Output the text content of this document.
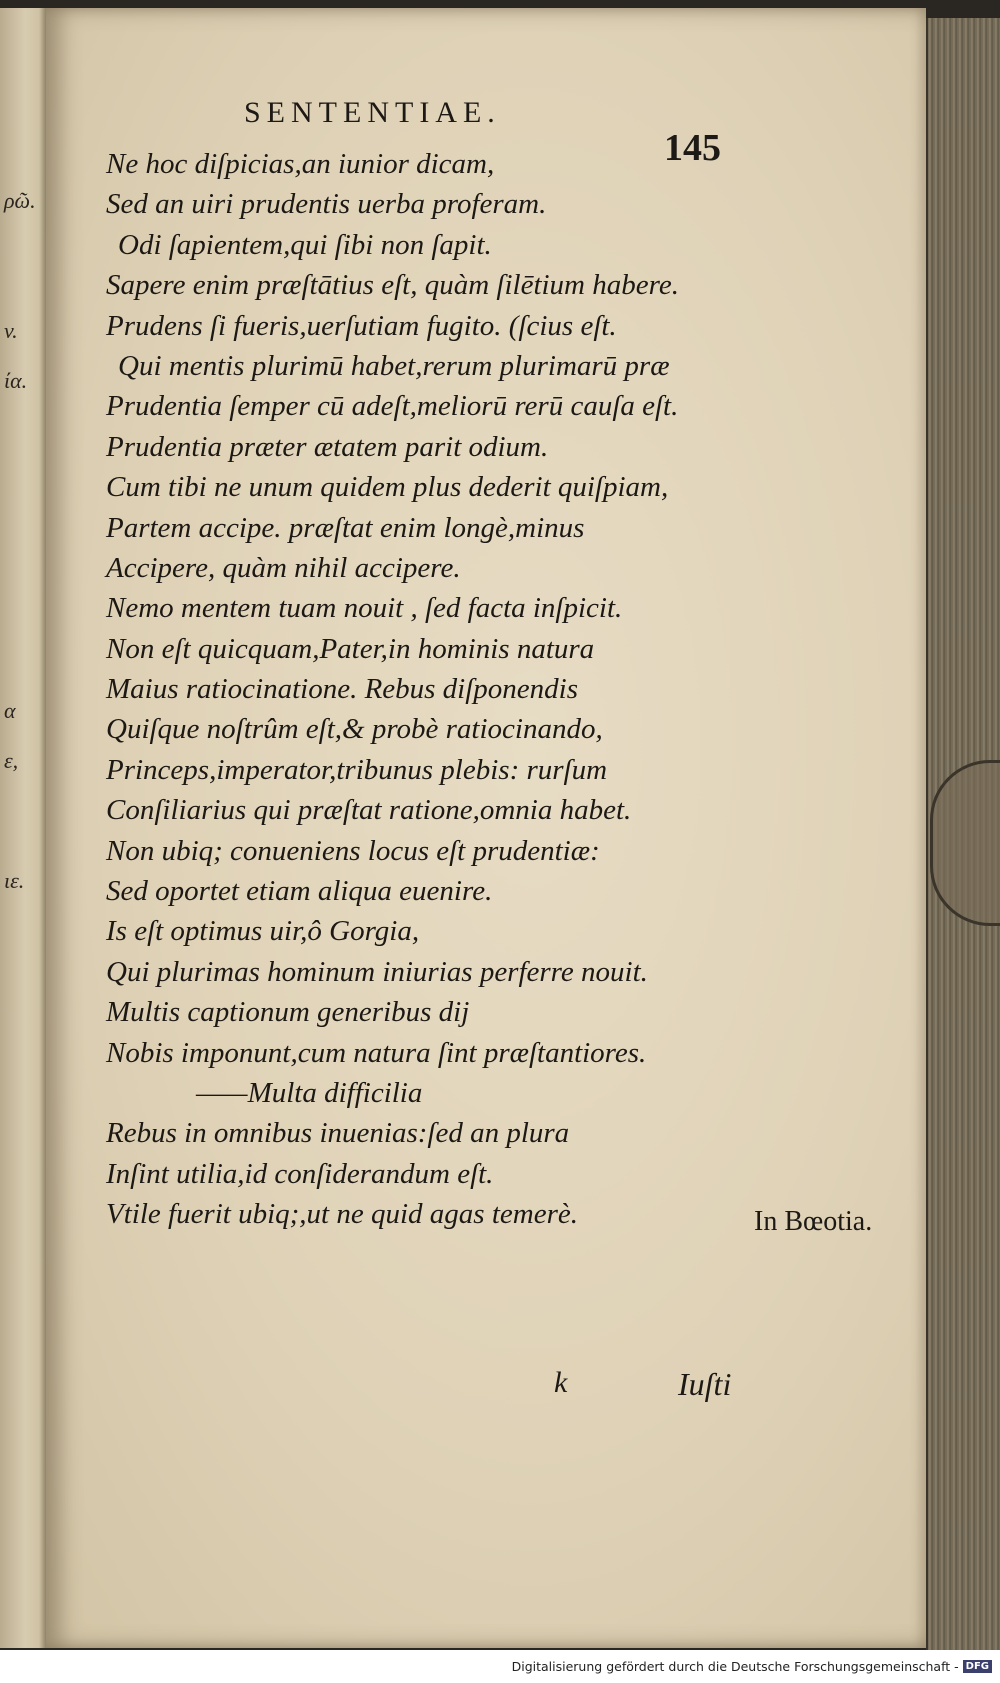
ρῶ.
v.
ία.
α
ε,
ιε.
SENTENTIAE.
145
Ne hoc diſpicias,an iunior dicam,
Sed an uiri prudentis uerba proferam.
Odi ſapientem,qui ſibi non ſapit.
Sapere enim præſtātius eſt, quàm ſilētium habere.
Prudens ſi fueris,uerſutiam fugito. (ſcius eſt.
Qui mentis plurimū habet,rerum plurimarū præ
Prudentia ſemper cū adeſt,meliorū rerū cauſa eſt.
Prudentia præter ætatem parit odium.
Cum tibi ne unum quidem plus dederit quiſpiam,
Partem accipe. præſtat enim longè,minus
Accipere, quàm nihil accipere.
Nemo mentem tuam nouit , ſed facta inſpicit.
Non eſt quicquam,Pater,in hominis natura
Maius ratiocinatione. Rebus diſponendis
Quiſque noſtrûm eſt,& probè ratiocinando,
Princeps,imperator,tribunus plebis: rurſum
Conſiliarius qui præſtat ratione,omnia habet.
Non ubiq; conueniens locus eſt prudentiæ:
Sed oportet etiam aliqua euenire.
Is eſt optimus uir,ô Gorgia,
Qui plurimas hominum iniurias perferre nouit.
Multis captionum generibus dij
Nobis imponunt,cum natura ſint præſtantiores.
——Multa difficilia
Rebus in omnibus inuenias:ſed an plura
Inſint utilia,id conſiderandum eſt.
Vtile fuerit ubiq;,ut ne quid agas temerè.	In Bœotia.
k	Iuſti
Digitalisierung gefördert durch die Deutsche Forschungsgemeinschaft - DFG
